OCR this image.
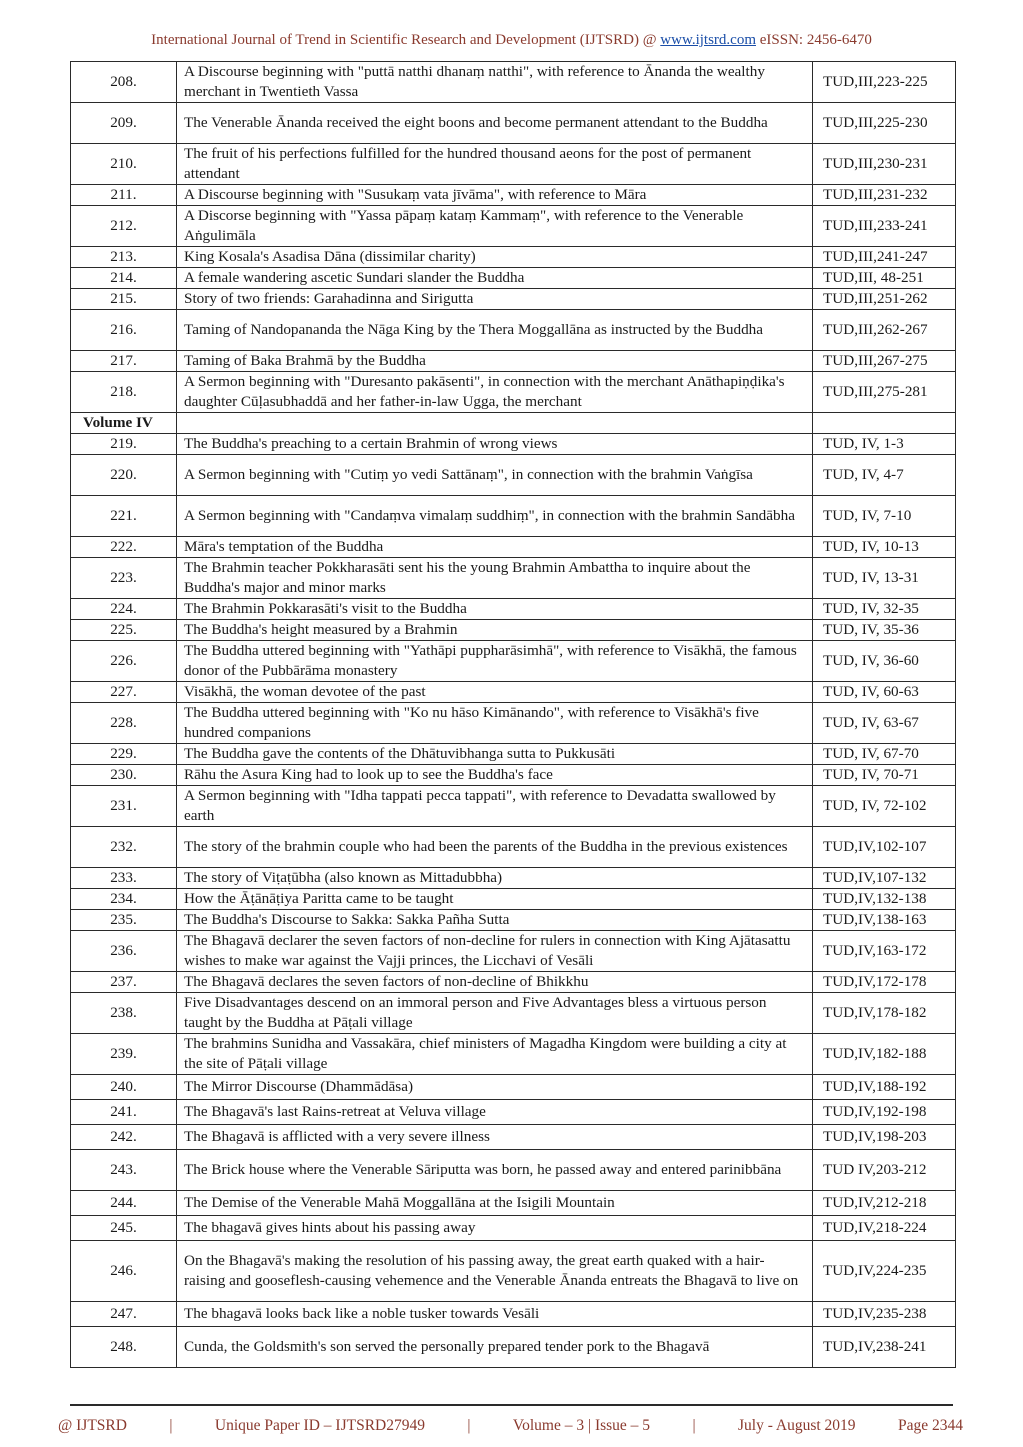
International Journal of Trend in Scientific Research and Development (IJTSRD) @ www.ijtsrd.com eISSN: 2456-6470
208.	A Discourse beginning with "puttā natthi dhanaṃ natthi", with reference to Ānanda the wealthy merchant in Twentieth Vassa	TUD,III,223-225
209.	The Venerable Ānanda received the eight boons and become permanent attendant to the Buddha	TUD,III,225-230
210.	The fruit of his perfections fulfilled for the hundred thousand aeons for the post of permanent attendant	TUD,III,230-231
211.	A Discourse beginning with "Susukaṃ vata jīvāma", with reference to Māra	TUD,III,231-232
212.	A Discorse beginning with "Yassa pāpaṃ kataṃ Kammaṃ", with reference to the Venerable Aṅgulimāla	TUD,III,233-241
213.	King Kosala's Asadisa Dāna (dissimilar charity)	TUD,III,241-247
214.	A female wandering ascetic Sundari slander the Buddha	TUD,III, 48-251
215.	Story of two friends: Garahadinna and Sirigutta	TUD,III,251-262
216.	Taming of Nandopananda the Nāga King by the Thera Moggallāna as instructed by the Buddha	TUD,III,262-267
217.	Taming of Baka Brahmā by the Buddha	TUD,III,267-275
218.	A Sermon beginning with "Duresanto pakāsenti", in connection with the merchant Anāthapiṇḍika's daughter Cūḷasubhaddā and her father-in-law Ugga, the merchant	TUD,III,275-281
Volume IV		
219.	The Buddha's preaching to a certain Brahmin of wrong views	TUD, IV, 1-3
220.	A Sermon beginning with "Cutiṃ yo vedi Sattānaṃ", in connection with the brahmin Vaṅgīsa	TUD, IV, 4-7
221.	A Sermon beginning with "Candaṃva vimalaṃ suddhiṃ", in connection with the brahmin Sandābha	TUD, IV, 7-10
222.	Māra's temptation of the Buddha	TUD, IV, 10-13
223.	The Brahmin teacher Pokkharasāti sent his the young Brahmin Ambattha to inquire about the Buddha's major and minor marks	TUD, IV, 13-31
224.	The Brahmin Pokkarasāti's visit to the Buddha	TUD, IV, 32-35
225.	The Buddha's height measured by a Brahmin	TUD, IV, 35-36
226.	The Buddha uttered beginning with "Yathāpi puppharāsimhā", with reference to Visākhā, the famous donor of the Pubbārāma monastery	TUD, IV, 36-60
227.	Visākhā, the woman devotee of the past	TUD, IV, 60-63
228.	The Buddha uttered beginning with "Ko nu hāso Kimānando", with reference to Visākhā's five hundred companions	TUD, IV, 63-67
229.	The Buddha gave the contents of the Dhātuvibhanga sutta to Pukkusāti	TUD, IV, 67-70
230.	Rāhu the Asura King had to look up to see the Buddha's face	TUD, IV, 70-71
231.	A Sermon beginning with "Idha tappati pecca tappati", with reference to Devadatta swallowed by earth	TUD, IV, 72-102
232.	The story of the brahmin couple who had been the parents of the Buddha in the previous existences	TUD,IV,102-107
233.	The story of Viṭaṭūbha (also known as Mittadubbha)	TUD,IV,107-132
234.	How the Āṭānāṭiya Paritta came to be taught	TUD,IV,132-138
235.	The Buddha's Discourse to Sakka: Sakka Pañha Sutta	TUD,IV,138-163
236.	The Bhagavā declarer the seven factors of non-decline for rulers in connection with King Ajātasattu wishes to make war against the Vajji princes, the Licchavi of Vesāli	TUD,IV,163-172
237.	The Bhagavā declares the seven factors of non-decline of Bhikkhu	TUD,IV,172-178
238.	Five Disadvantages descend on an immoral person and Five Advantages bless a virtuous person taught by the Buddha at Pāṭali village	TUD,IV,178-182
239.	The brahmins Sunidha and Vassakāra, chief ministers of Magadha Kingdom were building a city at the site of Pāṭali village	TUD,IV,182-188
240.	The Mirror Discourse (Dhammādāsa)	TUD,IV,188-192
241.	The Bhagavā's last Rains-retreat at Veluva village	TUD,IV,192-198
242.	The Bhagavā is afflicted with a very severe illness	TUD,IV,198-203
243.	The Brick house where the Venerable Sāriputta was born, he passed away and entered parinibbāna	TUD IV,203-212
244.	The Demise of the Venerable Mahā Moggallāna at the Isigili Mountain	TUD,IV,212-218
245.	The bhagavā gives hints about his passing away	TUD,IV,218-224
246.	On the Bhagavā's making the resolution of his passing away, the great earth quaked with a hair-raising and gooseflesh-causing vehemence and the Venerable Ānanda entreats the Bhagavā to live on	TUD,IV,224-235
247.	The bhagavā looks back like a noble tusker towards Vesāli	TUD,IV,235-238
248.	Cunda, the Goldsmith's son served the personally prepared tender pork to the Bhagavā	TUD,IV,238-241
@ IJTSRD	|	Unique Paper ID – IJTSRD27949	|	Volume – 3 | Issue – 5	|	July - August 2019	Page 2344
